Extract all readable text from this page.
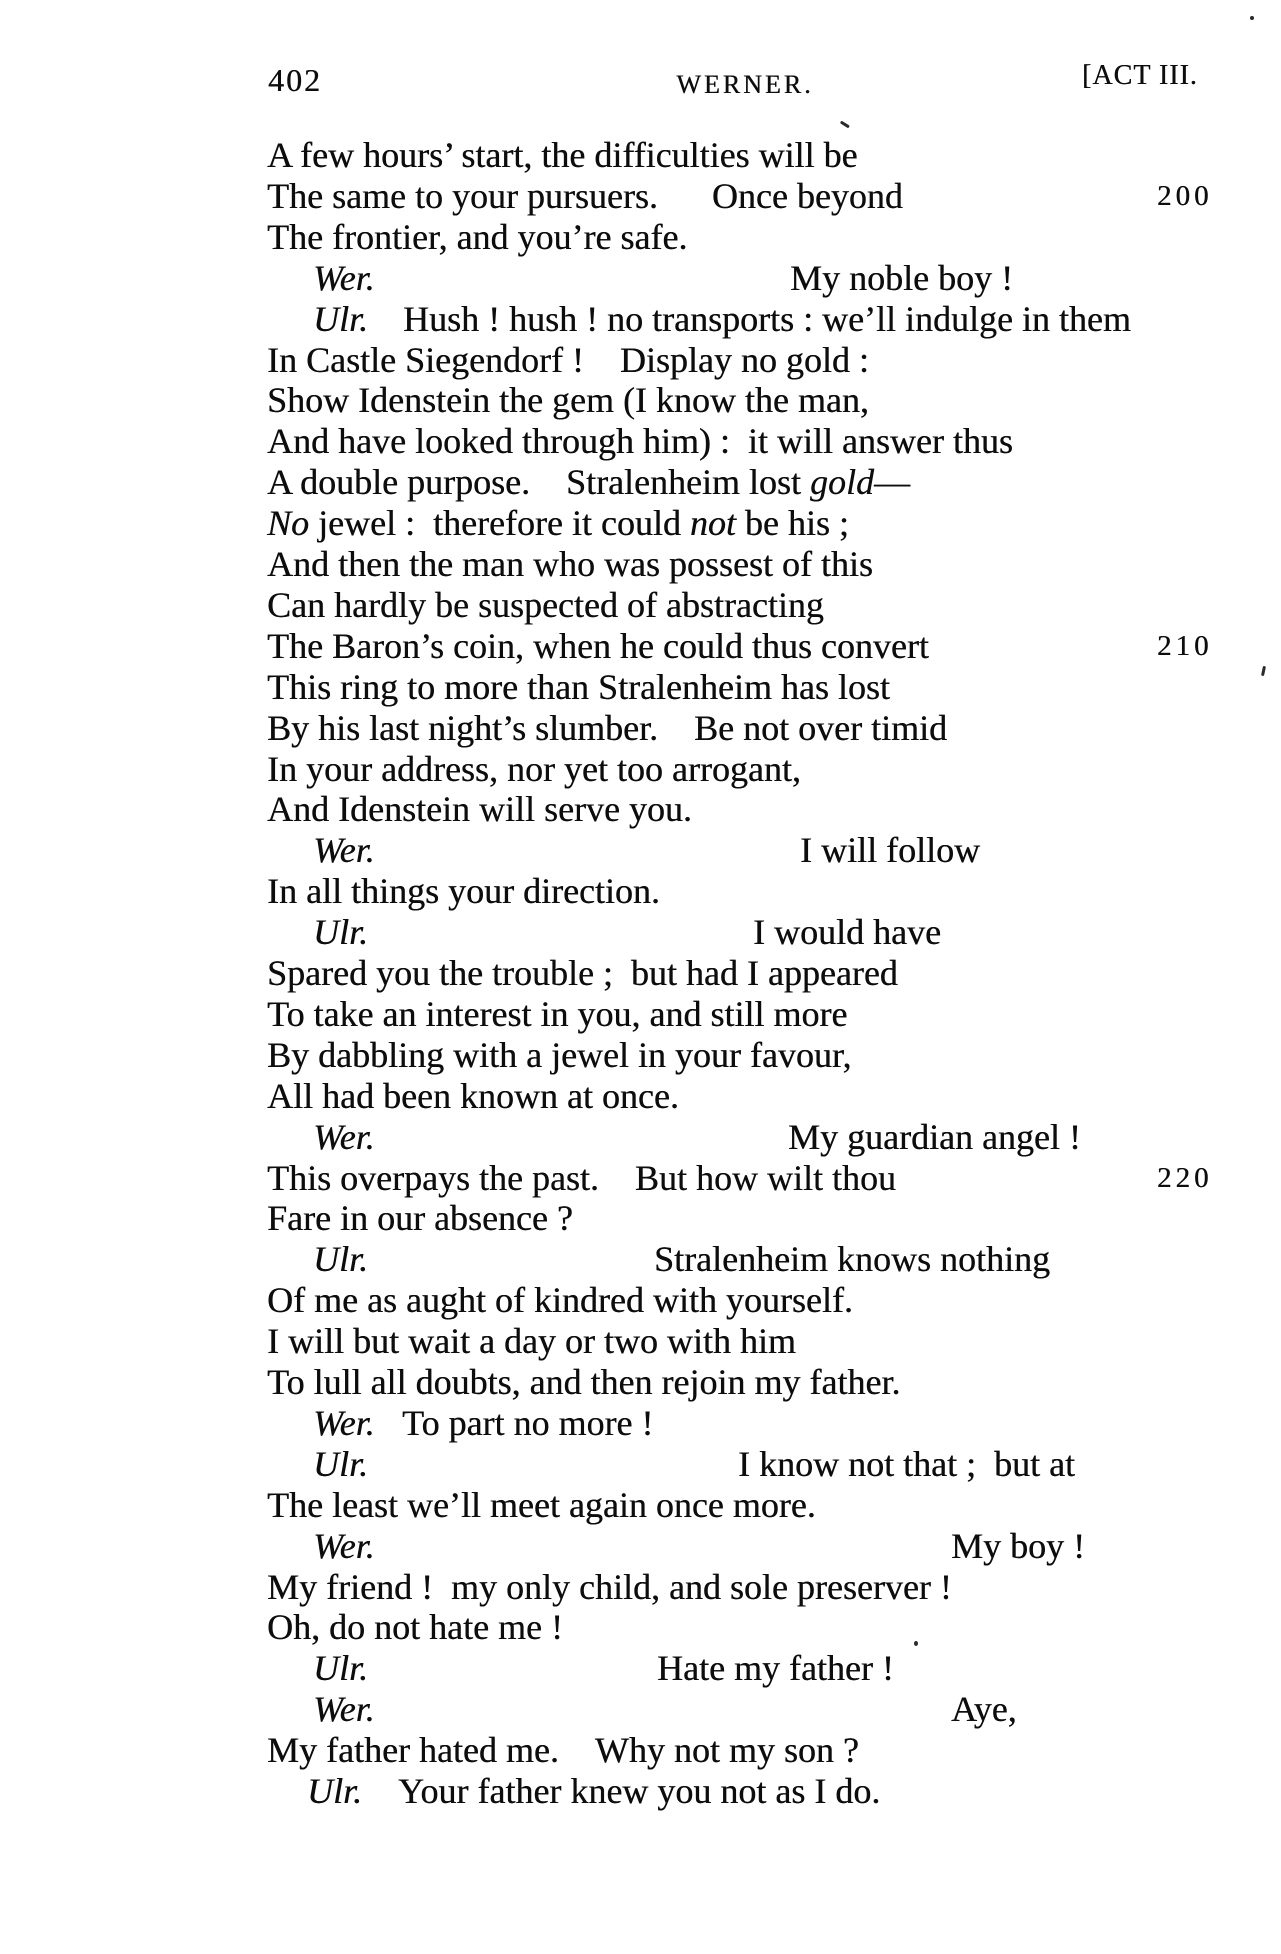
402	WERNER.	[ACT III.
A few hours’ start, the difficulties will be
The same to your pursuers.  Once beyond	200
The frontier, and you’re safe.
Wer.	My noble boy !
Ulr. Hush ! hush ! no transports : we’ll indulge in them
In Castle Siegendorf ! Display no gold :
Show Idenstein the gem (I know the man,
And have looked through him) : it will answer thus
A double purpose. Stralenheim lost gold—
No jewel : therefore it could not be his ;
And then the man who was possest of this
Can hardly be suspected of abstracting
The Baron’s coin, when he could thus convert	210
This ring to more than Stralenheim has lost
By his last night’s slumber. Be not over timid
In your address, nor yet too arrogant,
And Idenstein will serve you.
Wer.	I will follow
In all things your direction.
Ulr.	I would have
Spared you the trouble ; but had I appeared
To take an interest in you, and still more
By dabbling with a jewel in your favour,
All had been known at once.
Wer.	My guardian angel !
This overpays the past. But how wilt thou	220
Fare in our absence ?
Ulr.	Stralenheim knows nothing
Of me as aught of kindred with yourself.
I will but wait a day or two with him
To lull all doubts, and then rejoin my father.
Wer. To part no more !
Ulr.	I know not that ; but at
The least we’ll meet again once more.
Wer.	My boy !
My friend ! my only child, and sole preserver !
Oh, do not hate me !
Ulr.	Hate my father !
Wer.	Aye,
My father hated me. Why not my son ?
Ulr. Your father knew you not as I do.
